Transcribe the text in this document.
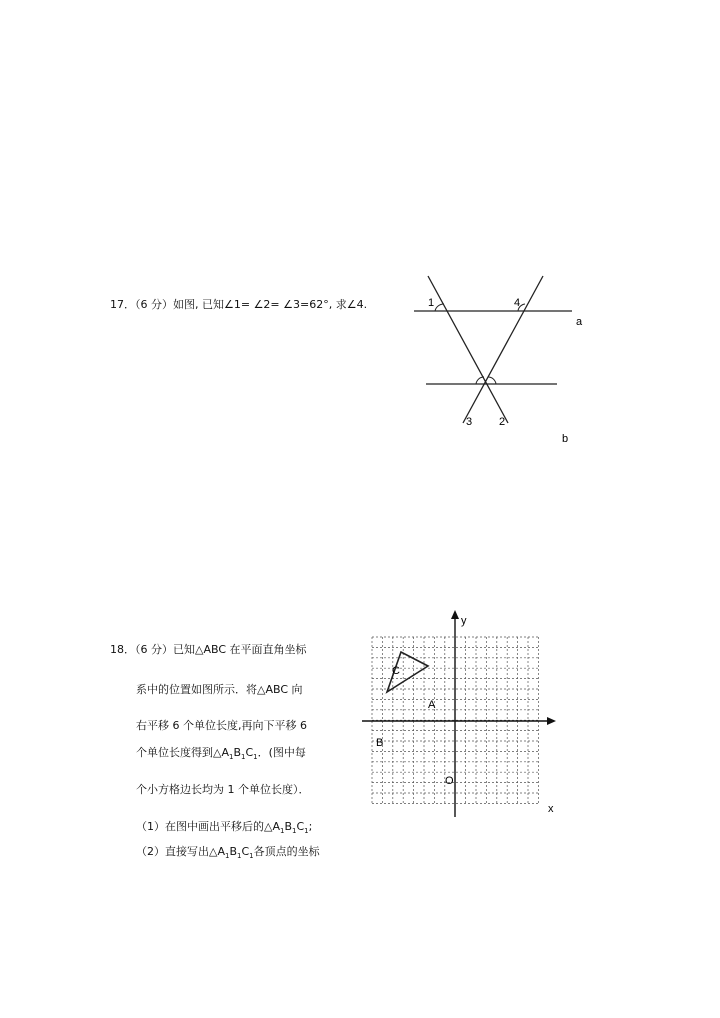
17．（6 分）如图, 已知∠1= ∠2= ∠3=62°, 求∠4.	1	4
a
3 2
b
18．（6 分）已知△ABC 在平面直角坐标
系中的位置如图所示．将△ABC 向
右平移 6 个单位长度,再向下平移 6
个单位长度得到$\triangle A_1B_1C_1$．(图中每
个小方格边长均为 1 个单位长度）．
（1）在图中画出平移后的$\triangle A_1B_1C_1$;
（2）直接写出$\triangle A_1B_1C_1$各顶点的坐标
y
x
C
A
B
O
